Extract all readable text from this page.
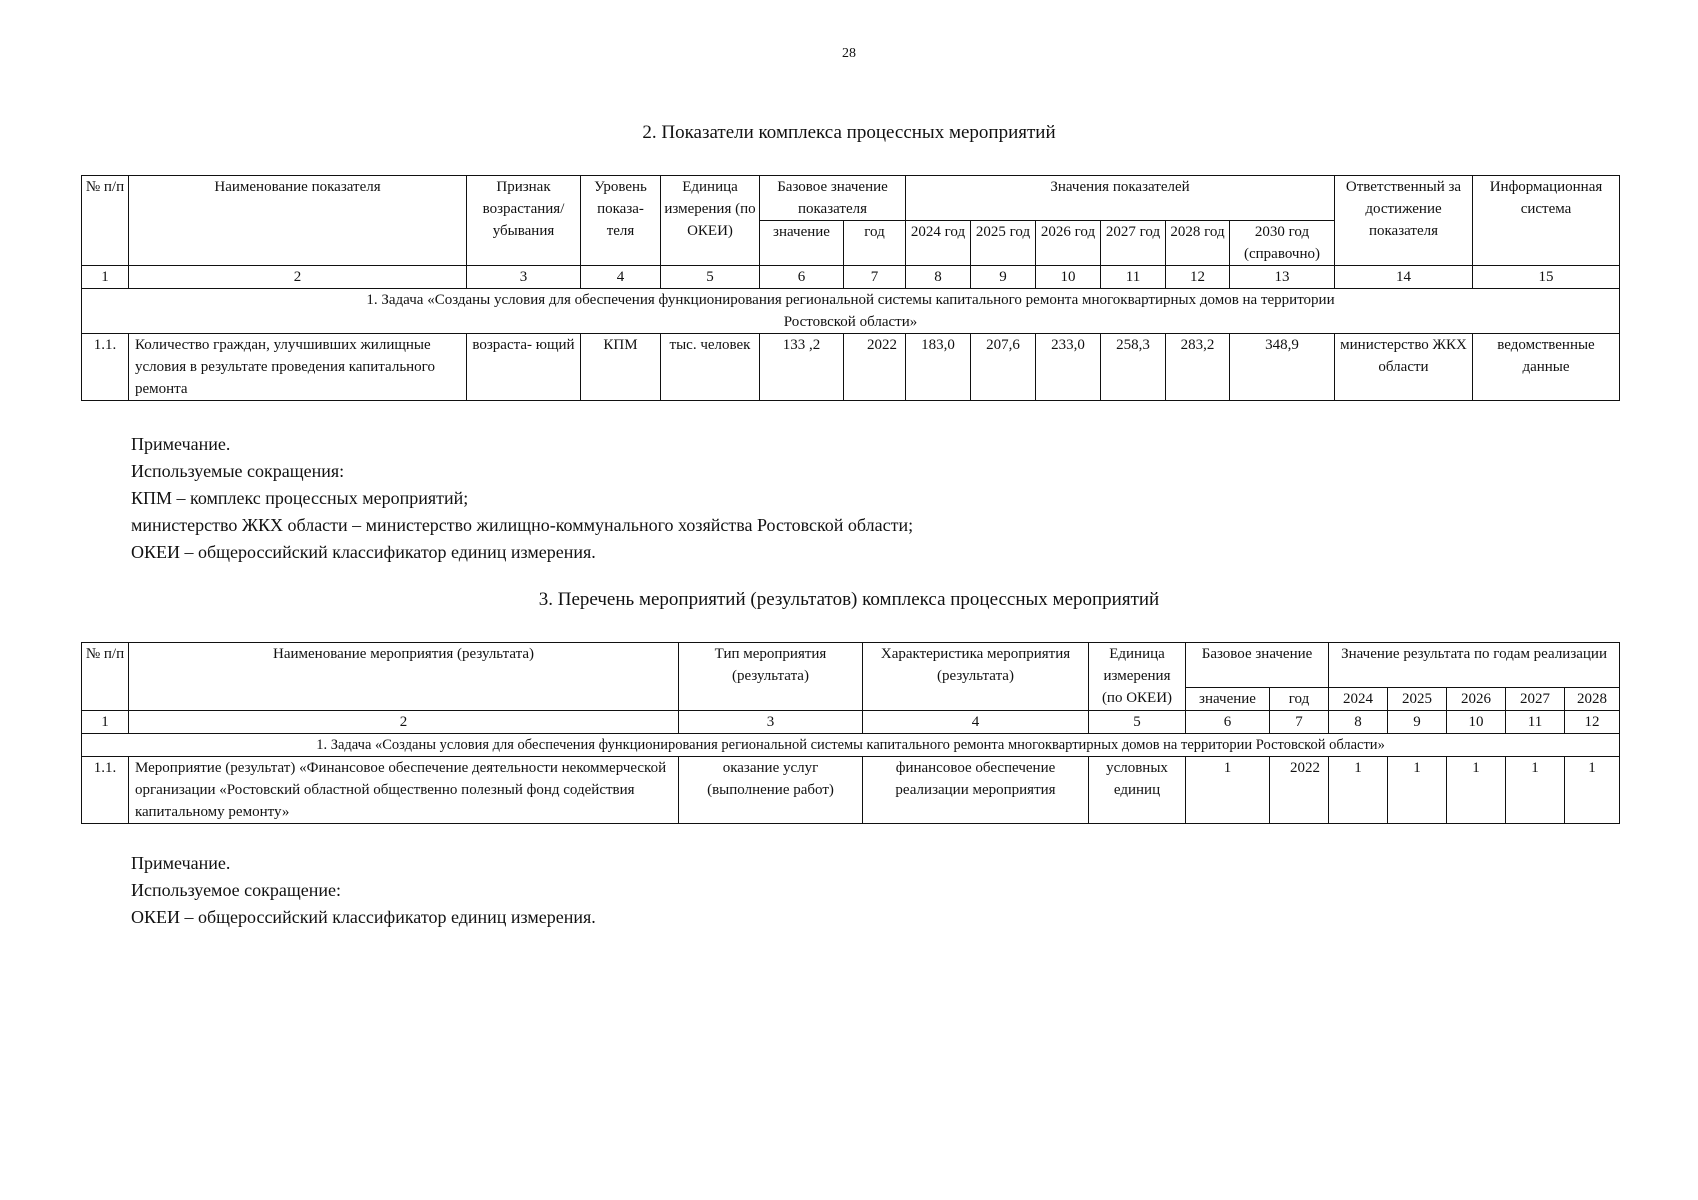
28
2. Показатели комплекса процессных мероприятий
№ п/п	Наименование показателя	Признак возрастания/ убывания	Уровень показа- теля	Единица измерения (по ОКЕИ)	Базовое значение показателя		Значения показателей						Ответственный за достижение показателя	Информационная система
					значение	год	2024 год	2025 год	2026 год	2027 год	2028 год	2030 год (справочно)		
1	2	3	4	5	6	7	8	9	10	11	12	13	14	15
1. Задача «Созданы условия для обеспечения функционирования региональной системы капитального ремонта многоквартирных домов на территории Ростовской области»														
1.1.	Количество граждан, улучшивших жилищные условия в результате проведения капитального ремонта	возраста- ющий	КПМ	тыс. человек	133 ,2	2022	183,0	207,6	233,0	258,3	283,2	348,9	министерство ЖКХ области	ведомственные данные
Примечание.
Используемые сокращения:
КПМ – комплекс процессных мероприятий;
министерство ЖКХ области – министерство жилищно-коммунального хозяйства Ростовской области;
ОКЕИ – общероссийский классификатор единиц измерения.
3. Перечень мероприятий (результатов) комплекса процессных мероприятий
№ п/п	Наименование мероприятия (результата)	Тип мероприятия (результата)	Характеристика мероприятия (результата)	Единица измерения (по ОКЕИ)	Базовое значение		Значение результата по годам реализации				
					значение	год	2024	2025	2026	2027	2028
1	2	3	4	5	6	7	8	9	10	11	12
1. Задача «Созданы условия для обеспечения функционирования региональной системы капитального ремонта многоквартирных домов на территории Ростовской области»											
1.1.	Мероприятие (результат) «Финансовое обеспечение деятельности некоммерческой организации «Ростовский областной общественно полезный фонд содействия капитальному ремонту»	оказание услуг (выполнение работ)	финансовое обеспечение реализации мероприятия	условных единиц	1	2022	1	1	1	1	1
Примечание.
Используемое сокращение:
ОКЕИ – общероссийский классификатор единиц измерения.
